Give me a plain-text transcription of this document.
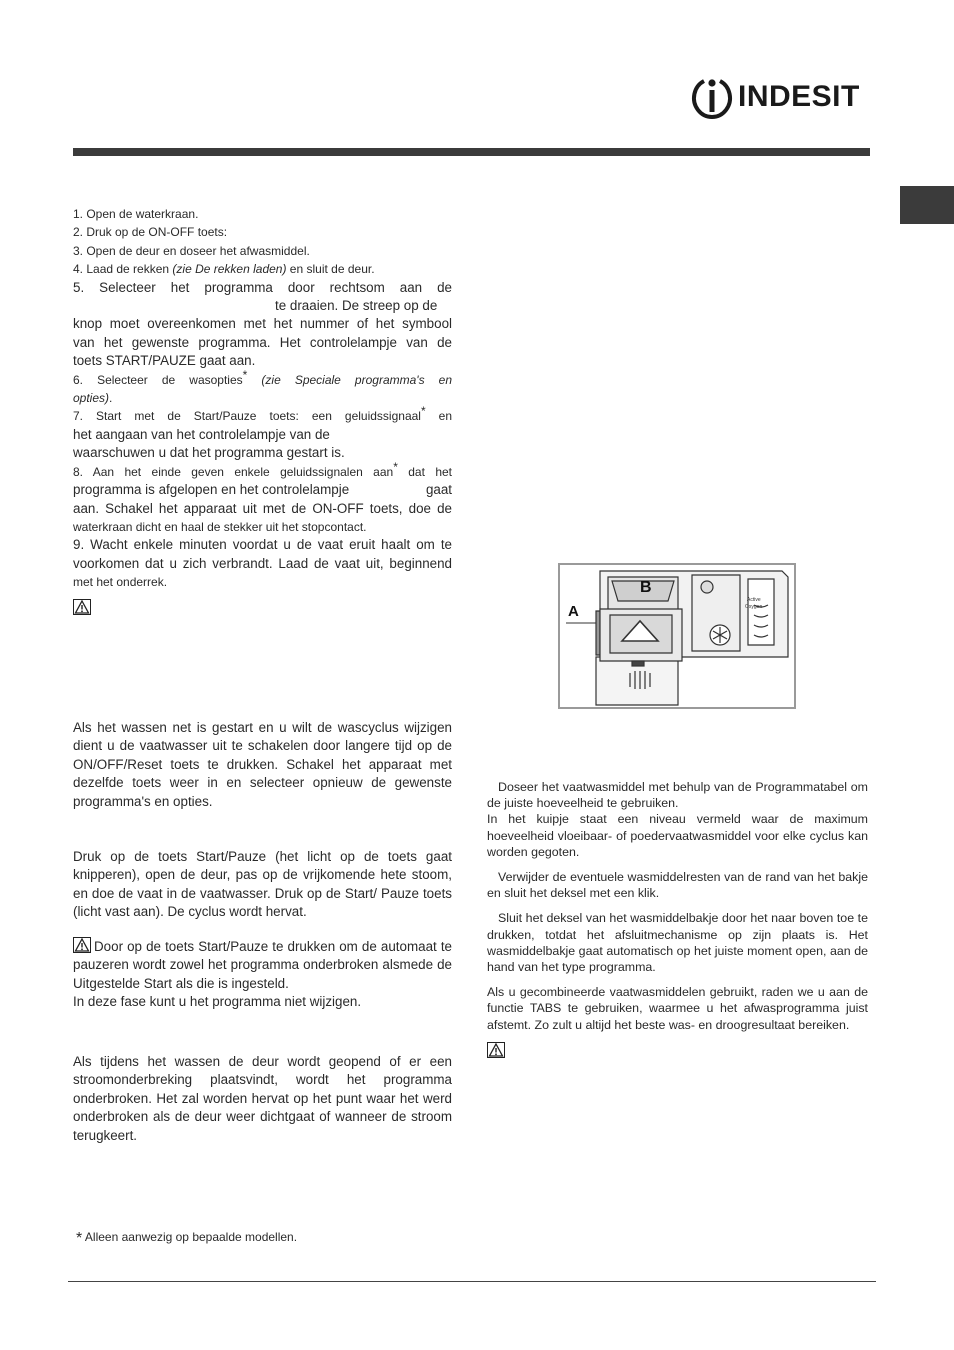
INDESIT
1. Open de waterkraan.
2. Druk op de ON-OFF toets:
3. Open de deur en doseer het afwasmiddel.
4. Laad de rekken (zie De rekken laden) en sluit de deur.
5. Selecteer het programma door rechtsom aan de
te draaien. De streep op de
knop moet overeenkomen met het nummer of het symbool
van het gewenste programma. Het controlelampje van de
toets START/PAUZE gaat aan.
6. Selecteer de wasopties* (zie Speciale programma's en
opties).
7. Start met de Start/Pauze toets: een geluidssignaal* en
het aangaan van het controlelampje van de
waarschuwen u dat het programma gestart is.
8. Aan het einde geven enkele geluidssignalen aan* dat het
programma is afgelopen en het controlelampje	gaat
aan. Schakel het apparaat uit met de ON-OFF toets, doe de
waterkraan dicht en haal de stekker uit het stopcontact.
9. Wacht enkele minuten voordat u de vaat eruit haalt om te
voorkomen dat u zich verbrandt. Laad de vaat uit, beginnend
met het onderrek.
Als het wassen net is gestart en u wilt de wascyclus wijzigen dient u de vaatwasser uit te schakelen door langere tijd op de ON/OFF/Reset toets te drukken. Schakel het apparaat met dezelfde toets weer in en selecteer opnieuw de gewenste programma's en opties.
Druk op de toets Start/Pauze (het licht op de toets gaat knipperen), open de deur, pas op de vrijkomende hete stoom, en doe de vaat in de vaatwasser. Druk op de Start/ Pauze toets (licht vast aan). De cyclus wordt hervat.
Door op de toets Start/Pauze te drukken om de automaat te pauzeren wordt zowel het programma onderbroken alsmede de Uitgestelde Start als die is ingesteld.
In deze fase kunt u het programma niet wijzigen.
Als tijdens het wassen de deur wordt geopend of er een stroomonderbreking plaatsvindt, wordt het programma onderbroken. Het zal worden hervat op het punt waar het werd onderbroken als de deur weer dichtgaat of wanneer de stroom terugkeert.
* Alleen aanwezig op bepaalde modellen.
B
A
Active
Oxygen

Doseer het vaatwasmiddel met behulp van de Programmatabel om de juiste hoeveelheid te gebruiken.

In het kuipje staat een niveau vermeld waar de maximum hoeveelheid vloeibaar- of poedervaatwasmiddel voor elke cyclus kan worden gegoten.

Verwijder de eventuele wasmiddelresten van de rand van het bakje en sluit het deksel met een klik.

Sluit het deksel van het wasmiddelbakje door het naar boven toe te drukken, totdat het afsluitmechanisme op zijn plaats is. Het wasmiddelbakje gaat automatisch op het juiste moment open, aan de hand van het type programma.

Als u gecombineerde vaatwasmiddelen gebruikt, raden we u aan de functie TABS te gebruiken, waarmee u het afwasprogramma juist afstemt. Zo zult u altijd het beste was- en droogresultaat bereiken.
